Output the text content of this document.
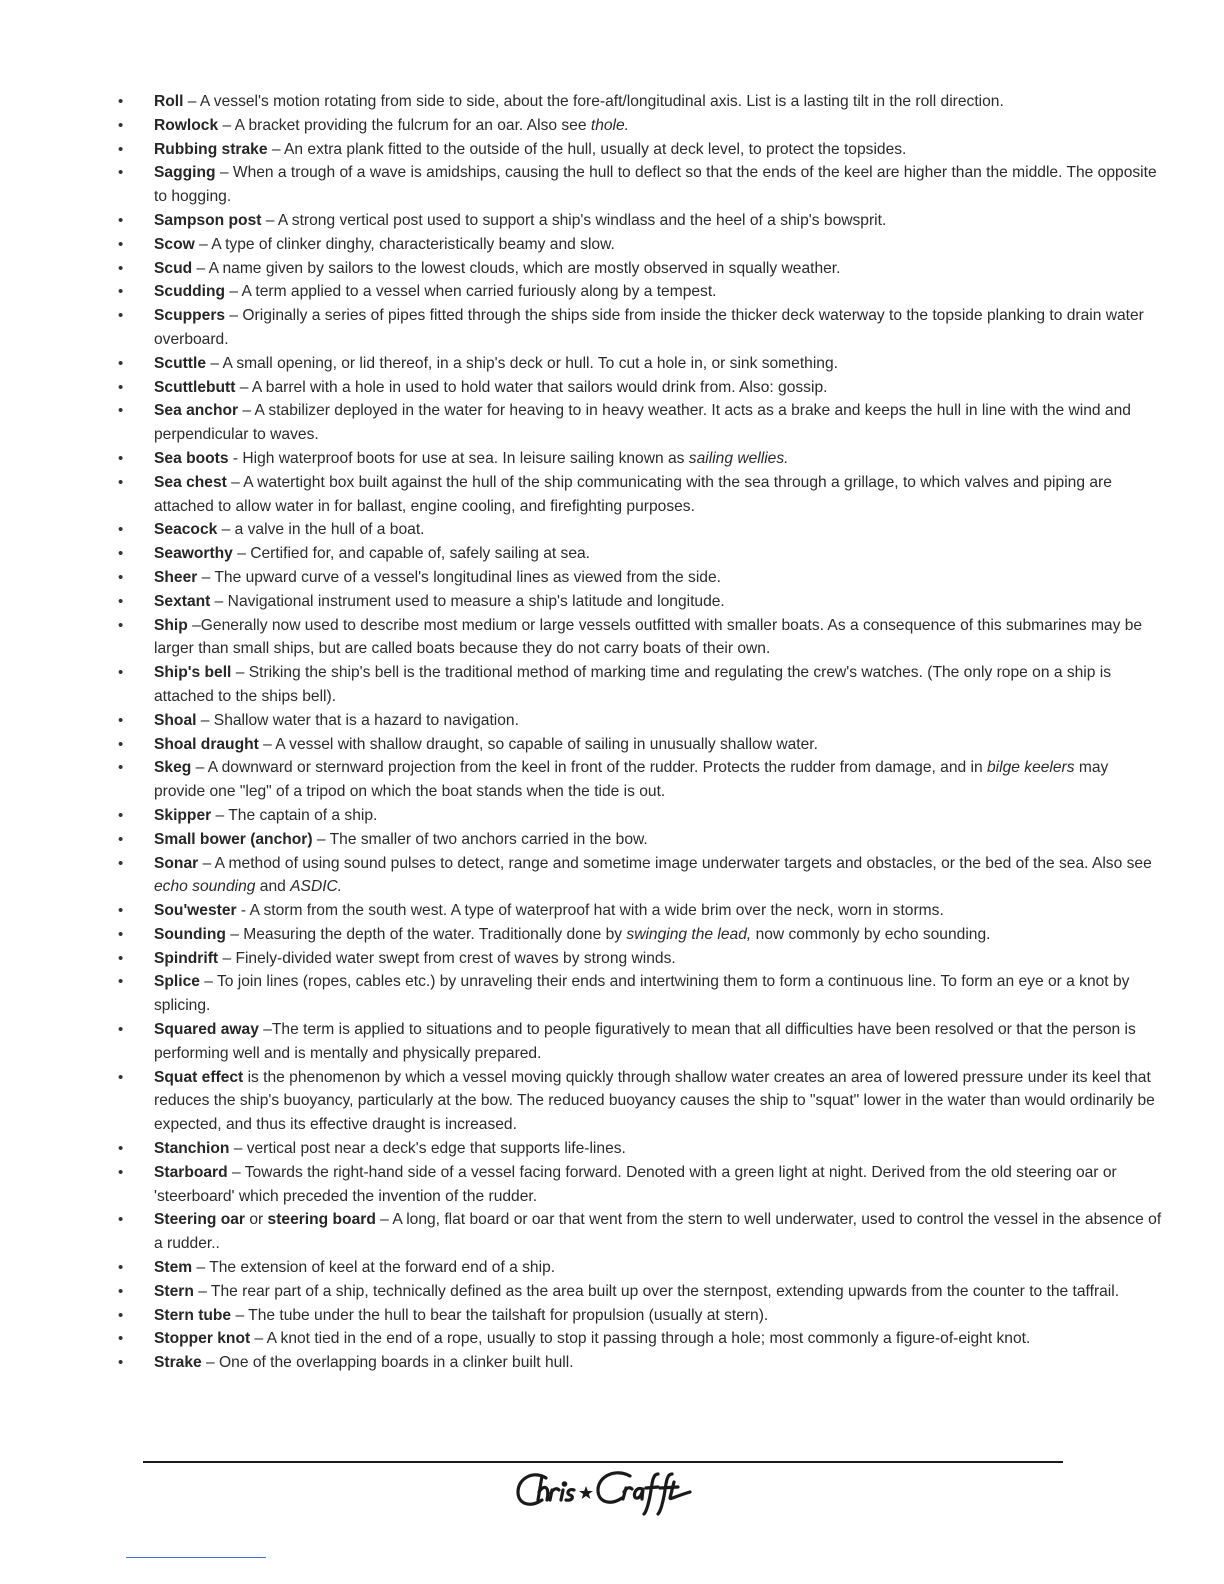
• Roll – A vessel's motion rotating from side to side, about the fore-aft/longitudinal axis. List is a lasting tilt in the roll direction.
• Rowlock – A bracket providing the fulcrum for an oar. Also see thole.
• Rubbing strake – An extra plank fitted to the outside of the hull, usually at deck level, to protect the topsides.
• Sagging – When a trough of a wave is amidships, causing the hull to deflect so that the ends of the keel are higher than the middle. The opposite to hogging.
• Sampson post – A strong vertical post used to support a ship's windlass and the heel of a ship's bowsprit.
• Scow – A type of clinker dinghy, characteristically beamy and slow.
• Scud – A name given by sailors to the lowest clouds, which are mostly observed in squally weather.
• Scudding – A term applied to a vessel when carried furiously along by a tempest.
• Scuppers – Originally a series of pipes fitted through the ships side from inside the thicker deck waterway to the topside planking to drain water overboard.
• Scuttle – A small opening, or lid thereof, in a ship's deck or hull. To cut a hole in, or sink something.
• Scuttlebutt – A barrel with a hole in used to hold water that sailors would drink from. Also: gossip.
• Sea anchor – A stabilizer deployed in the water for heaving to in heavy weather. It acts as a brake and keeps the hull in line with the wind and perpendicular to waves.
• Sea boots - High waterproof boots for use at sea. In leisure sailing known as sailing wellies.
• Sea chest – A watertight box built against the hull of the ship communicating with the sea through a grillage, to which valves and piping are attached to allow water in for ballast, engine cooling, and firefighting purposes.
• Seacock – a valve in the hull of a boat.
• Seaworthy – Certified for, and capable of, safely sailing at sea.
• Sheer – The upward curve of a vessel's longitudinal lines as viewed from the side.
• Sextant – Navigational instrument used to measure a ship's latitude and longitude.
• Ship –Generally now used to describe most medium or large vessels outfitted with smaller boats. As a consequence of this submarines may be larger than small ships, but are called boats because they do not carry boats of their own.
• Ship's bell – Striking the ship's bell is the traditional method of marking time and regulating the crew's watches. (The only rope on a ship is attached to the ships bell).
• Shoal – Shallow water that is a hazard to navigation.
• Shoal draught – A vessel with shallow draught, so capable of sailing in unusually shallow water.
• Skeg – A downward or sternward projection from the keel in front of the rudder. Protects the rudder from damage, and in bilge keelers may provide one "leg" of a tripod on which the boat stands when the tide is out.
• Skipper – The captain of a ship.
• Small bower (anchor) – The smaller of two anchors carried in the bow.
• Sonar – A method of using sound pulses to detect, range and sometime image underwater targets and obstacles, or the bed of the sea. Also see echo sounding and ASDIC.
• Sou'wester - A storm from the south west. A type of waterproof hat with a wide brim over the neck, worn in storms.
• Sounding – Measuring the depth of the water. Traditionally done by swinging the lead, now commonly by echo sounding.
• Spindrift – Finely-divided water swept from crest of waves by strong winds.
• Splice – To join lines (ropes, cables etc.) by unraveling their ends and intertwining them to form a continuous line. To form an eye or a knot by splicing.
• Squared away –The term is applied to situations and to people figuratively to mean that all difficulties have been resolved or that the person is performing well and is mentally and physically prepared.
• Squat effect is the phenomenon by which a vessel moving quickly through shallow water creates an area of lowered pressure under its keel that reduces the ship's buoyancy, particularly at the bow. The reduced buoyancy causes the ship to "squat" lower in the water than would ordinarily be expected, and thus its effective draught is increased.
• Stanchion – vertical post near a deck's edge that supports life-lines.
• Starboard – Towards the right-hand side of a vessel facing forward. Denoted with a green light at night. Derived from the old steering oar or 'steerboard' which preceded the invention of the rudder.
• Steering oar or steering board – A long, flat board or oar that went from the stern to well underwater, used to control the vessel in the absence of a rudder..
• Stem – The extension of keel at the forward end of a ship.
• Stern – The rear part of a ship, technically defined as the area built up over the sternpost, extending upwards from the counter to the taffrail.
• Stern tube – The tube under the hull to bear the tailshaft for propulsion (usually at stern).
• Stopper knot – A knot tied in the end of a rope, usually to stop it passing through a hole; most commonly a figure-of-eight knot.
• Strake – One of the overlapping boards in a clinker built hull.
